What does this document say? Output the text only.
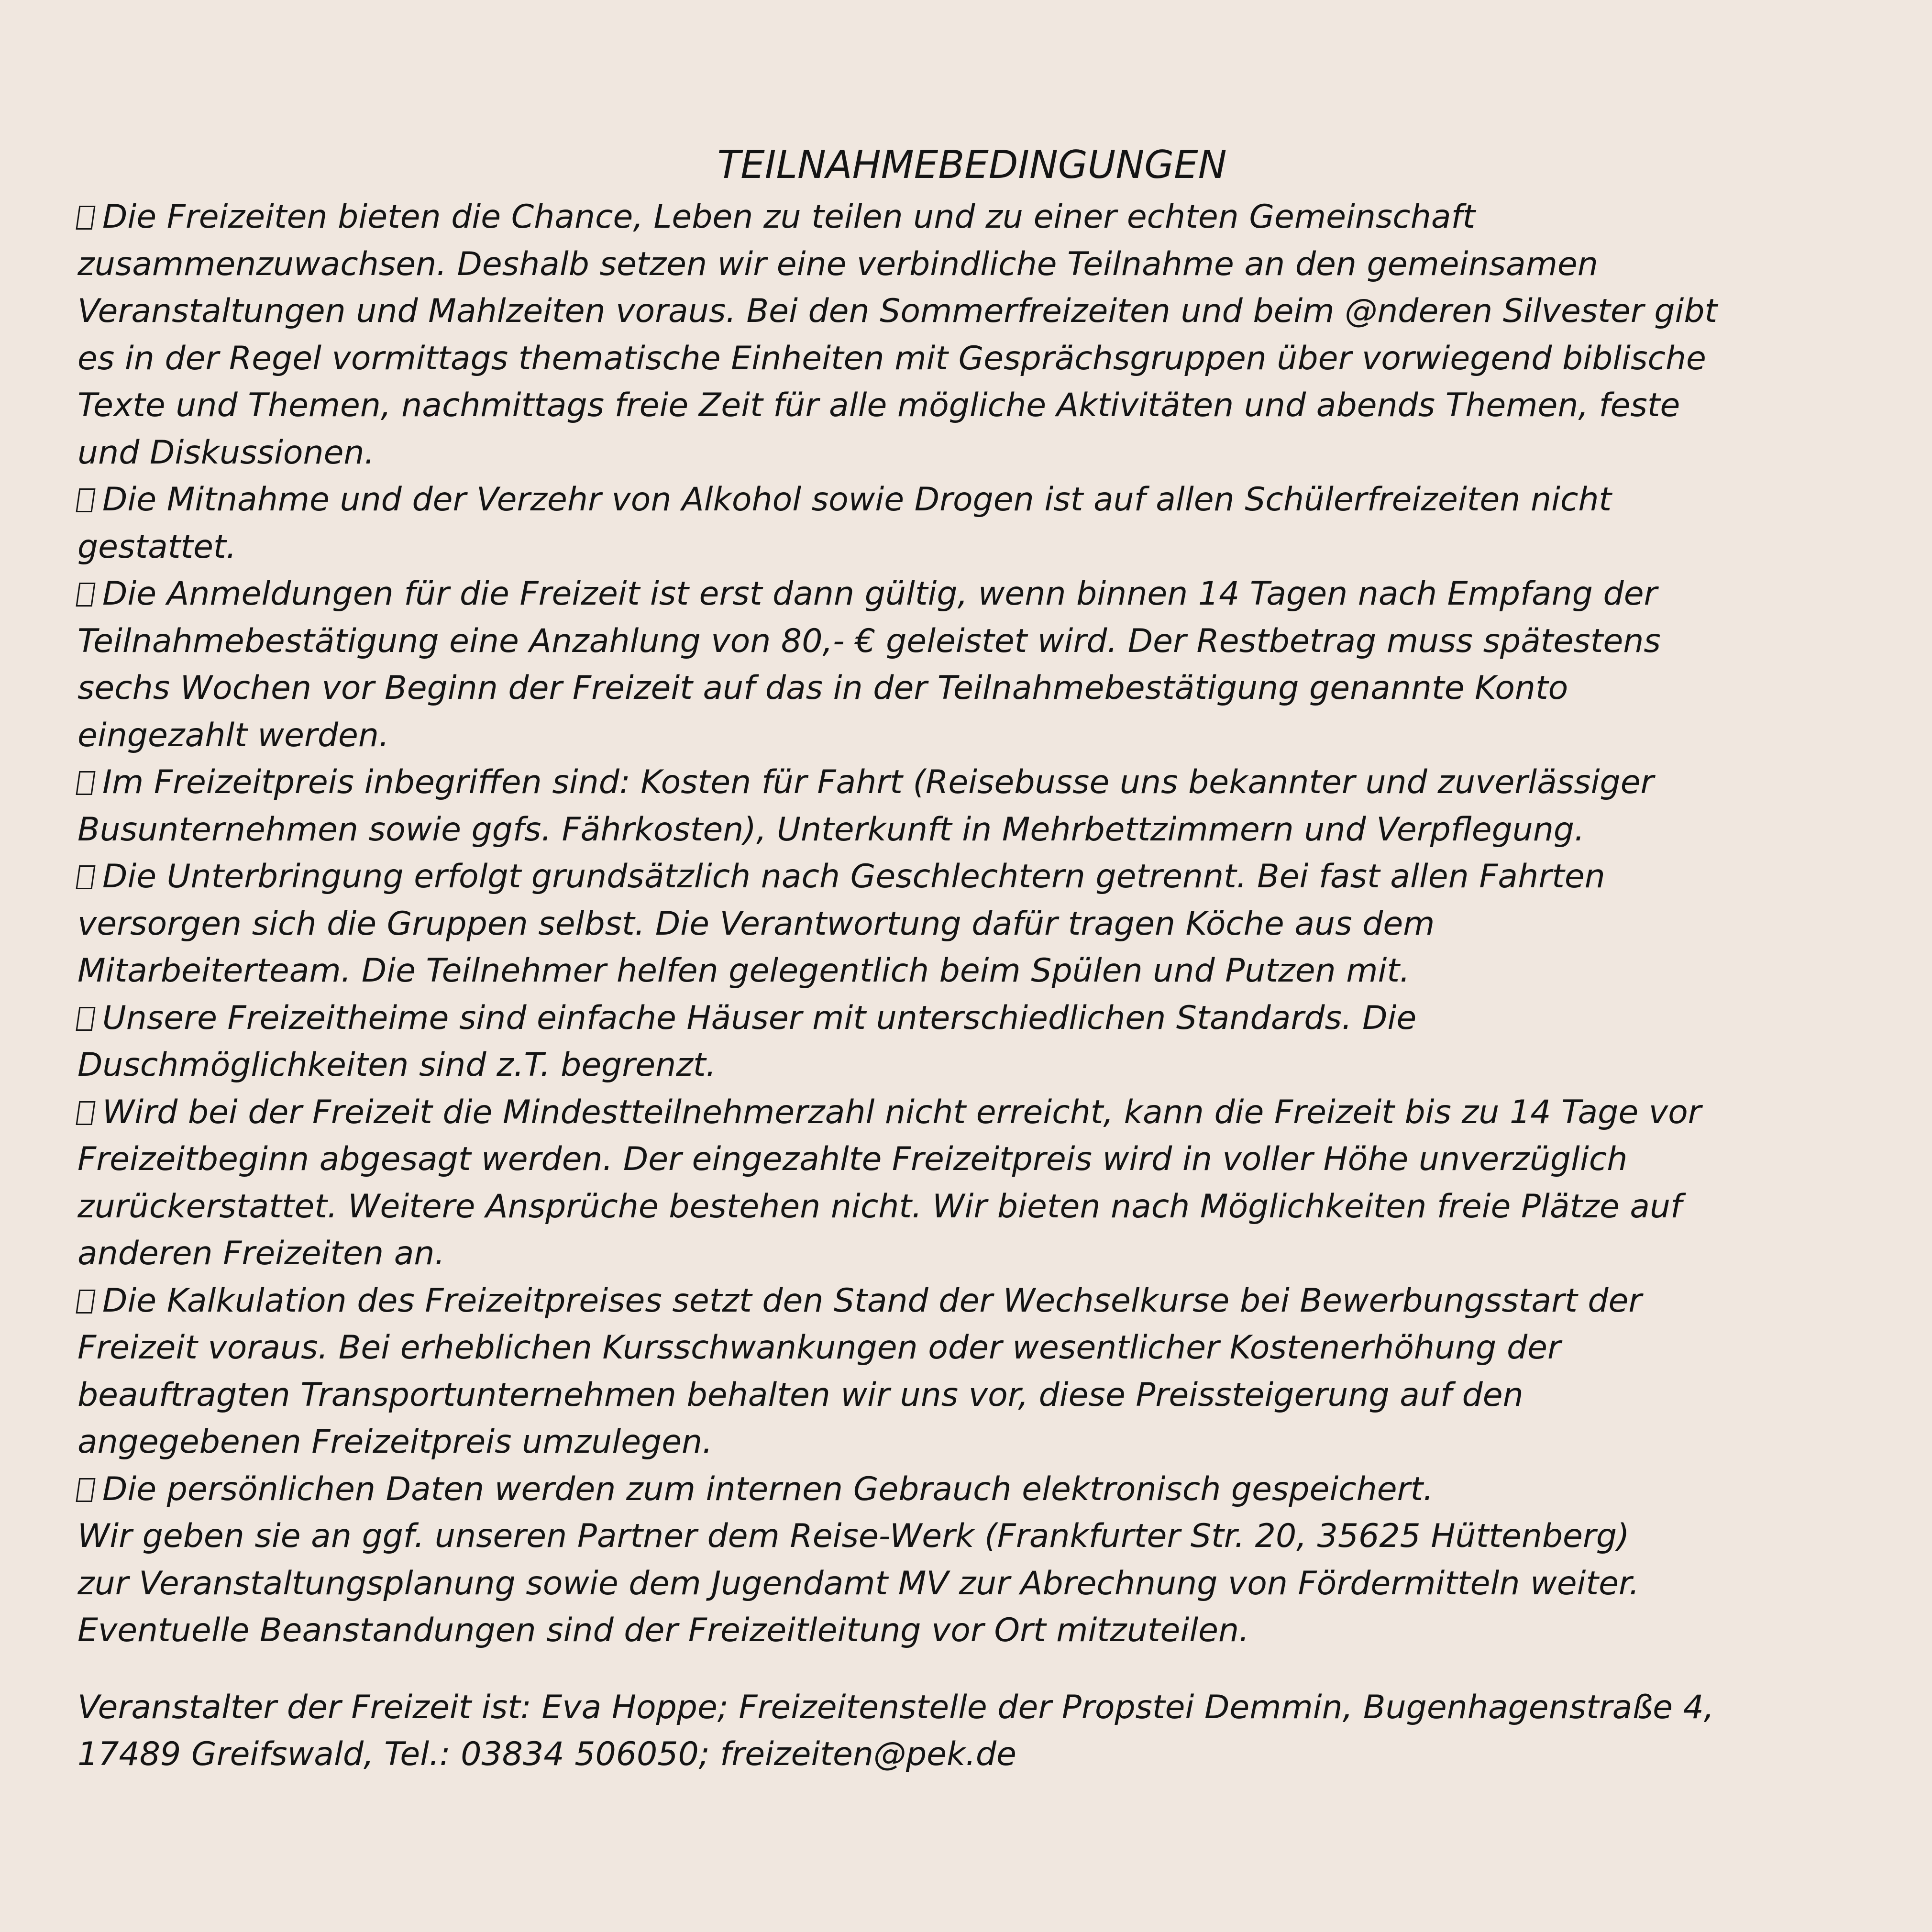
TEILNAHMEBEDINGUNGEN
Die Freizeiten bieten die Chance, Leben zu teilen und zu einer echten Gemeinschaft
zusammenzuwachsen. Deshalb setzen wir eine verbindliche Teilnahme an den gemeinsamen
Veranstaltungen und Mahlzeiten voraus. Bei den Sommerfreizeiten und beim @nderen Silvester gibt
es in der Regel vormittags thematische Einheiten mit Gesprächsgruppen über vorwiegend biblische
Texte und Themen, nachmittags freie Zeit für alle mögliche Aktivitäten und abends Themen, feste
und Diskussionen.
Die Mitnahme und der Verzehr von Alkohol sowie Drogen ist auf allen Schülerfreizeiten nicht
gestattet.
Die Anmeldungen für die Freizeit ist erst dann gültig, wenn binnen 14 Tagen nach Empfang der
Teilnahmebestätigung eine Anzahlung von 80,- € geleistet wird. Der Restbetrag muss spätestens
sechs Wochen vor Beginn der Freizeit auf das in der Teilnahmebestätigung genannte Konto
eingezahlt werden.
Im Freizeitpreis inbegriffen sind: Kosten für Fahrt (Reisebusse uns bekannter und zuverlässiger
Busunternehmen sowie ggfs. Fährkosten), Unterkunft in Mehrbettzimmern und Verpflegung.
Die Unterbringung erfolgt grundsätzlich nach Geschlechtern getrennt. Bei fast allen Fahrten
versorgen sich die Gruppen selbst. Die Verantwortung dafür tragen Köche aus dem
Mitarbeiterteam. Die Teilnehmer helfen gelegentlich beim Spülen und Putzen mit.
Unsere Freizeitheime sind einfache Häuser mit unterschiedlichen Standards. Die
Duschmöglichkeiten sind z.T. begrenzt.
Wird bei der Freizeit die Mindestteilnehmerzahl nicht erreicht, kann die Freizeit bis zu 14 Tage vor
Freizeitbeginn abgesagt werden. Der eingezahlte Freizeitpreis wird in voller Höhe unverzüglich
zurückerstattet. Weitere Ansprüche bestehen nicht. Wir bieten nach Möglichkeiten freie Plätze auf
anderen Freizeiten an.
Die Kalkulation des Freizeitpreises setzt den Stand der Wechselkurse bei Bewerbungsstart der
Freizeit voraus. Bei erheblichen Kursschwankungen oder wesentlicher Kostenerhöhung der
beauftragten Transportunternehmen behalten wir uns vor, diese Preissteigerung auf den
angegebenen Freizeitpreis umzulegen.
Die persönlichen Daten werden zum internen Gebrauch elektronisch gespeichert.
Wir geben sie an ggf. unseren Partner dem Reise-Werk (Frankfurter Str. 20, 35625 Hüttenberg)
zur Veranstaltungsplanung sowie dem Jugendamt MV zur Abrechnung von Fördermitteln weiter.
Eventuelle Beanstandungen sind der Freizeitleitung vor Ort mitzuteilen.
Veranstalter der Freizeit ist: Eva Hoppe; Freizeitenstelle der Propstei Demmin, Bugenhagenstraße 4,
17489 Greifswald, Tel.: 03834 506050; freizeiten@pek.de
